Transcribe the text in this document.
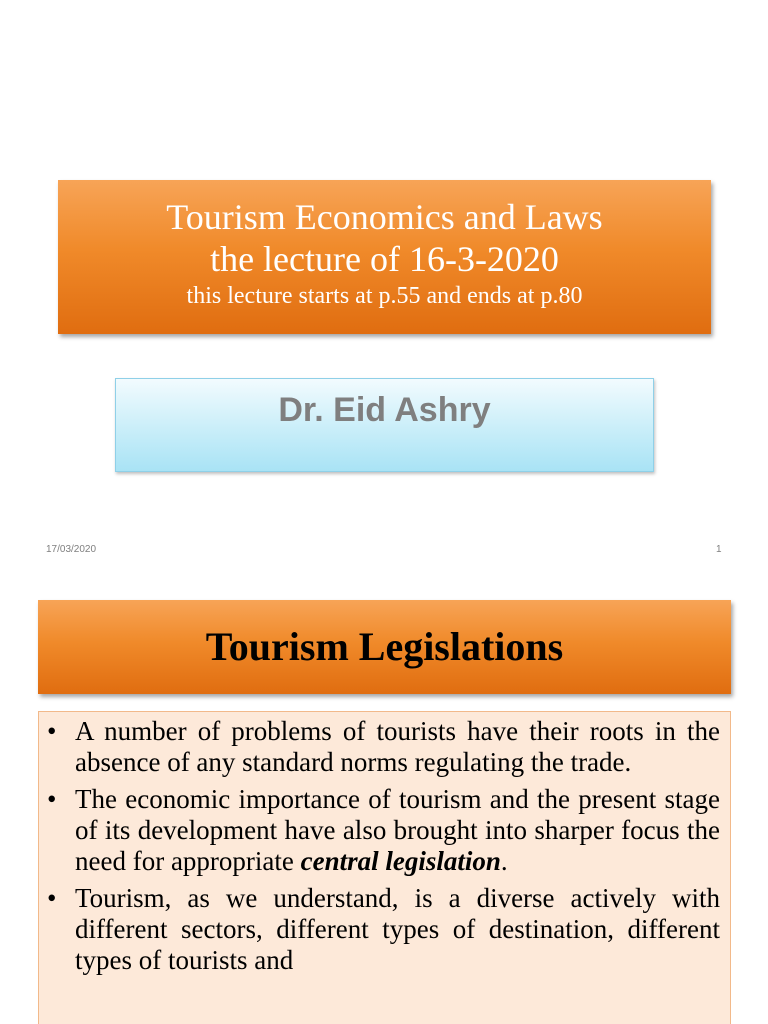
Tourism Economics and Laws
the lecture of 16-3-2020
this lecture starts at p.55 and ends at p.80
Dr. Eid Ashry
17/03/2020	1
Tourism Legislations
• A number of problems of tourists have their roots in the absence of any standard norms regulating the trade.
• The economic importance of tourism and the present stage of its development have also brought into sharper focus the need for appropriate central legislation.
• Tourism, as we understand, is a diverse actively with different sectors, different types of destination, different types of tourists and
